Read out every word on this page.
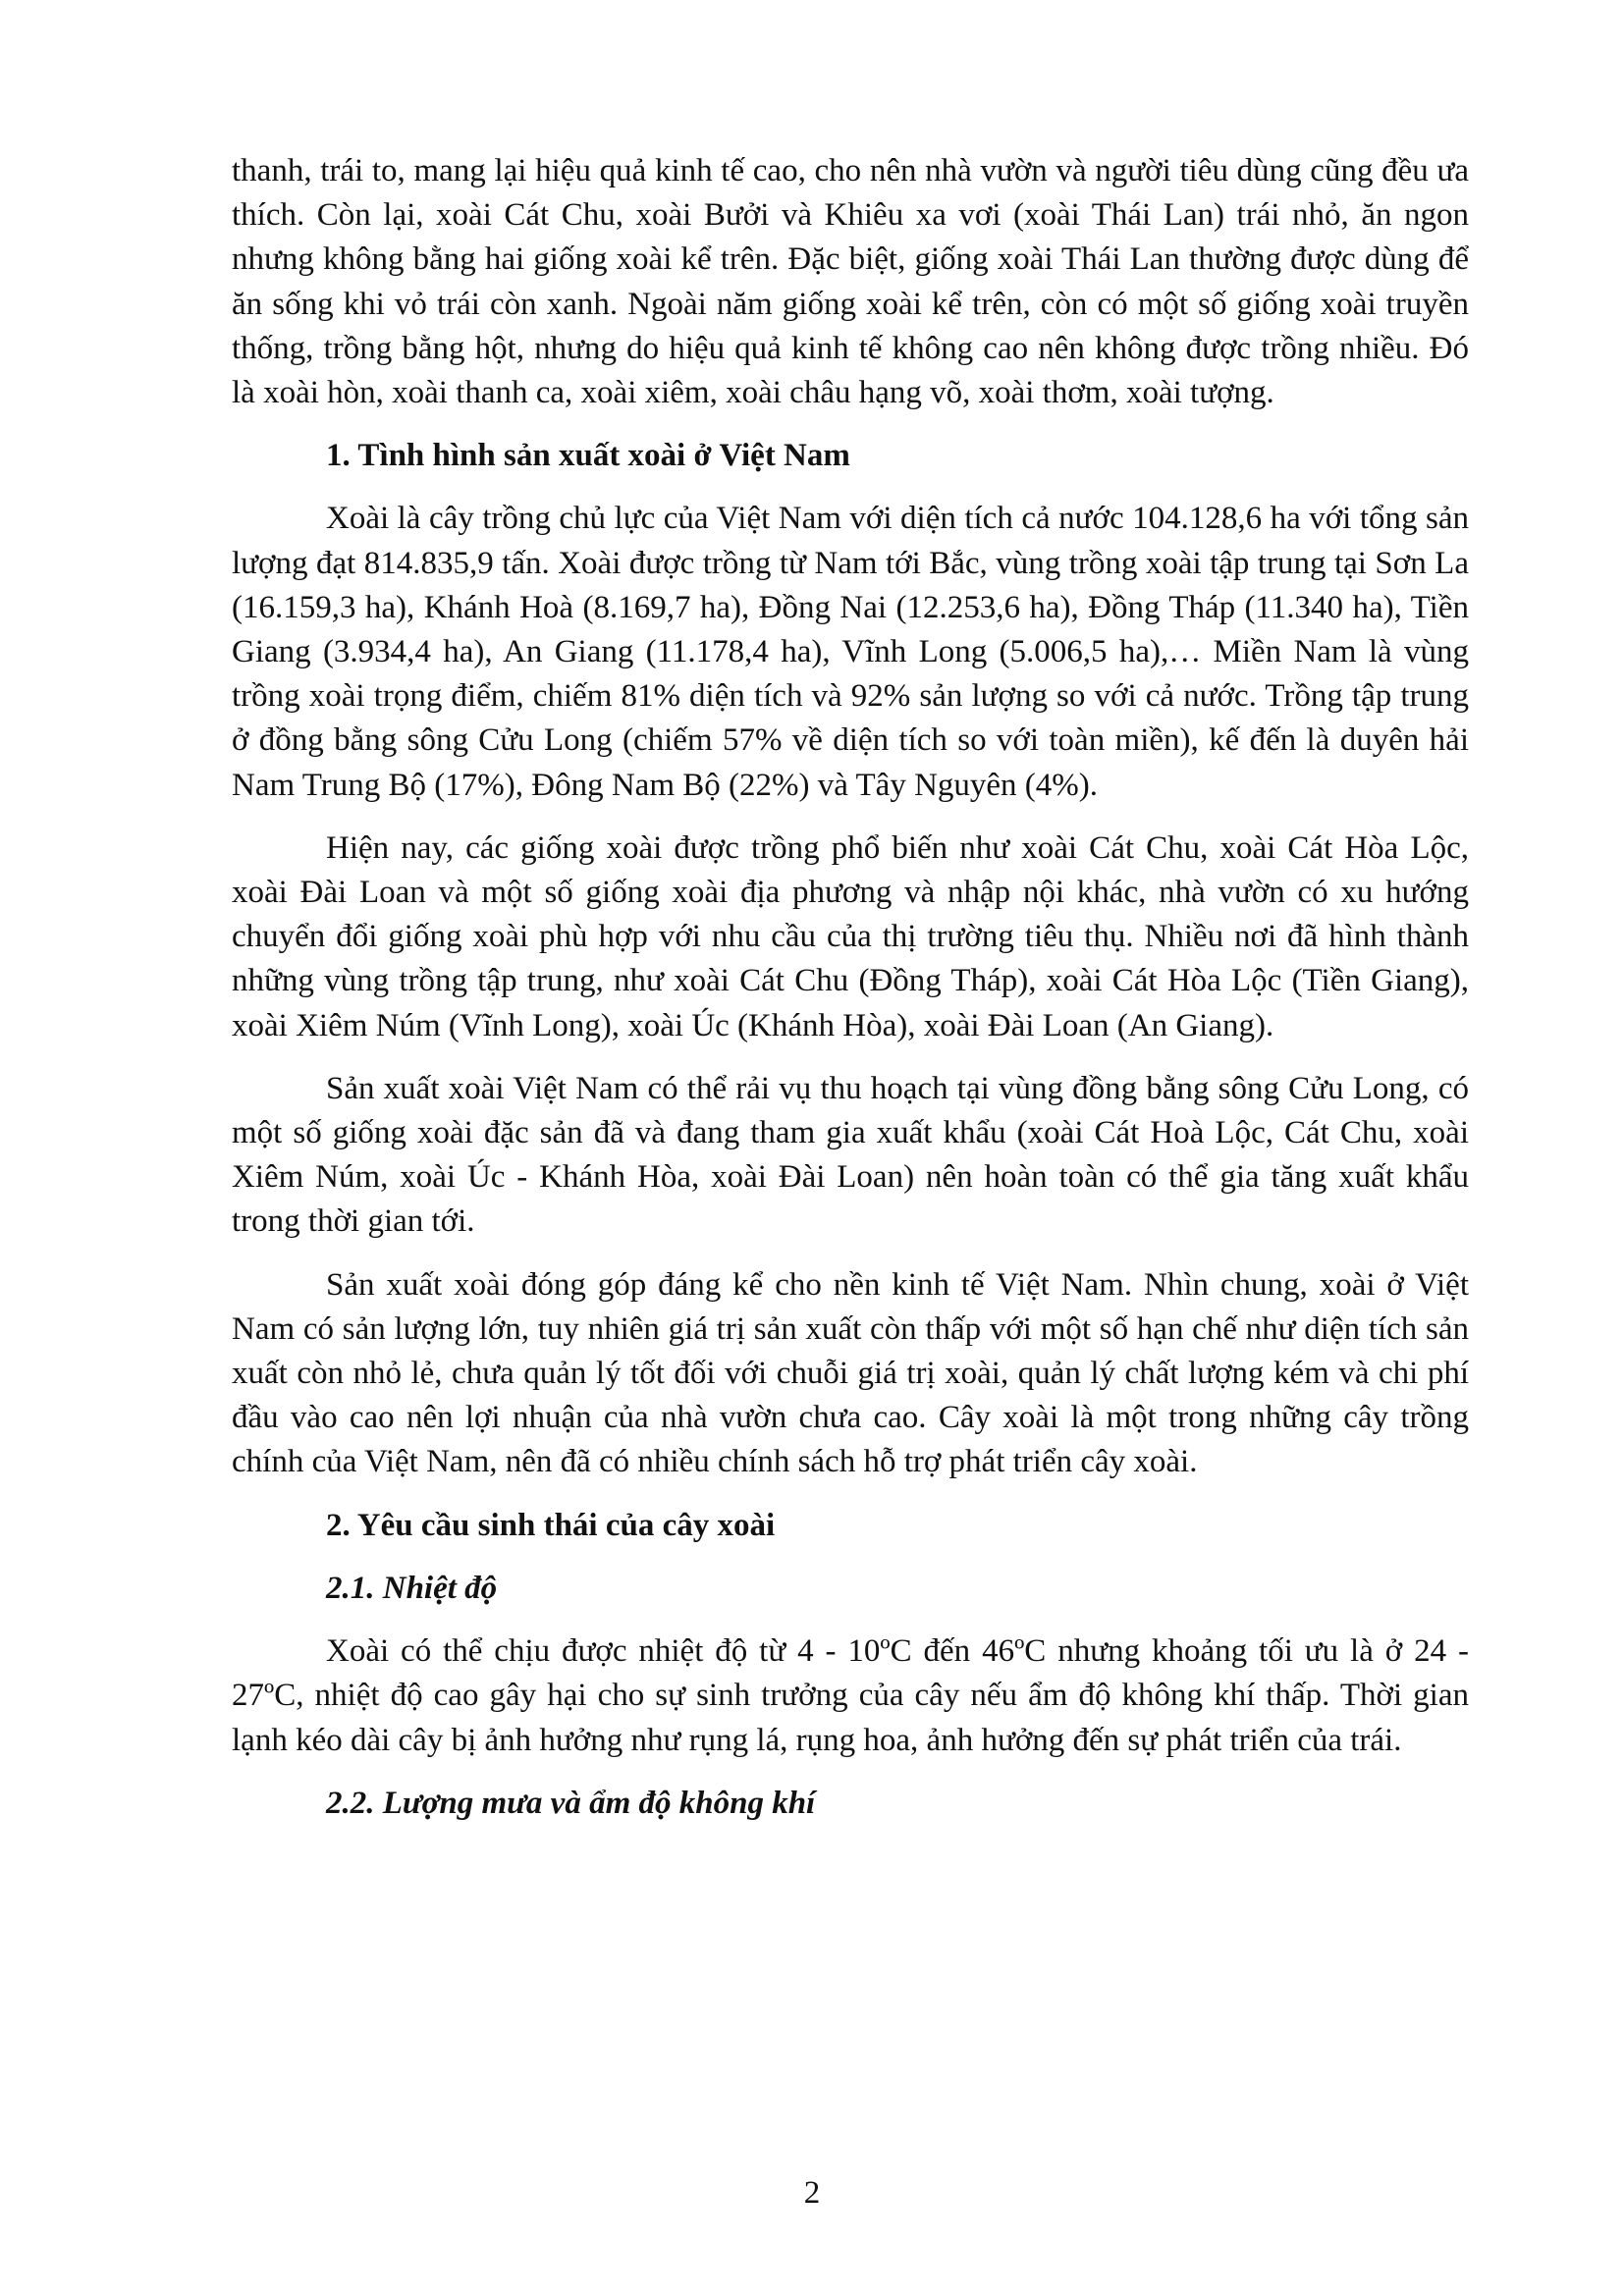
thanh, trái to, mang lại hiệu quả kinh tế cao, cho nên nhà vườn và người tiêu dùng cũng đều ưa thích. Còn lại, xoài Cát Chu, xoài Bưởi và Khiêu xa vơi (xoài Thái Lan) trái nhỏ, ăn ngon nhưng không bằng hai giống xoài kể trên. Đặc biệt, giống xoài Thái Lan thường được dùng để ăn sống khi vỏ trái còn xanh. Ngoài năm giống xoài kể trên, còn có một số giống xoài truyền thống, trồng bằng hột, nhưng do hiệu quả kinh tế không cao nên không được trồng nhiều. Đó là xoài hòn, xoài thanh ca, xoài xiêm, xoài châu hạng võ, xoài thơm, xoài tượng.

1. Tình hình sản xuất xoài ở Việt Nam

Xoài là cây trồng chủ lực của Việt Nam với diện tích cả nước 104.128,6 ha với tổng sản lượng đạt 814.835,9 tấn. Xoài được trồng từ Nam tới Bắc, vùng trồng xoài tập trung tại Sơn La (16.159,3 ha), Khánh Hoà (8.169,7 ha), Đồng Nai (12.253,6 ha), Đồng Tháp (11.340 ha), Tiền Giang (3.934,4 ha), An Giang (11.178,4 ha), Vĩnh Long (5.006,5 ha),… Miền Nam là vùng trồng xoài trọng điểm, chiếm 81% diện tích và 92% sản lượng so với cả nước. Trồng tập trung ở đồng bằng sông Cửu Long (chiếm 57% về diện tích so với toàn miền), kế đến là duyên hải Nam Trung Bộ (17%), Đông Nam Bộ (22%) và Tây Nguyên (4%).

Hiện nay, các giống xoài được trồng phổ biến như xoài Cát Chu, xoài Cát Hòa Lộc, xoài Đài Loan và một số giống xoài địa phương và nhập nội khác, nhà vườn có xu hướng chuyển đổi giống xoài phù hợp với nhu cầu của thị trường tiêu thụ. Nhiều nơi đã hình thành những vùng trồng tập trung, như xoài Cát Chu (Đồng Tháp), xoài Cát Hòa Lộc (Tiền Giang), xoài Xiêm Núm (Vĩnh Long), xoài Úc (Khánh Hòa), xoài Đài Loan (An Giang).

Sản xuất xoài Việt Nam có thể rải vụ thu hoạch tại vùng đồng bằng sông Cửu Long, có một số giống xoài đặc sản đã và đang tham gia xuất khẩu (xoài Cát Hoà Lộc, Cát Chu, xoài Xiêm Núm, xoài Úc - Khánh Hòa, xoài Đài Loan) nên hoàn toàn có thể gia tăng xuất khẩu trong thời gian tới.

Sản xuất xoài đóng góp đáng kể cho nền kinh tế Việt Nam. Nhìn chung, xoài ở Việt Nam có sản lượng lớn, tuy nhiên giá trị sản xuất còn thấp với một số hạn chế như diện tích sản xuất còn nhỏ lẻ, chưa quản lý tốt đối với chuỗi giá trị xoài, quản lý chất lượng kém và chi phí đầu vào cao nên lợi nhuận của nhà vườn chưa cao. Cây xoài là một trong những cây trồng chính của Việt Nam, nên đã có nhiều chính sách hỗ trợ phát triển cây xoài.

2. Yêu cầu sinh thái của cây xoài

2.1. Nhiệt độ

Xoài có thể chịu được nhiệt độ từ 4 - 10ºC đến 46ºC nhưng khoảng tối ưu là ở 24 - 27ºC, nhiệt độ cao gây hại cho sự sinh trưởng của cây nếu ẩm độ không khí thấp. Thời gian lạnh kéo dài cây bị ảnh hưởng như rụng lá, rụng hoa, ảnh hưởng đến sự phát triển của trái.

2.2. Lượng mưa và ẩm độ không khí

2
